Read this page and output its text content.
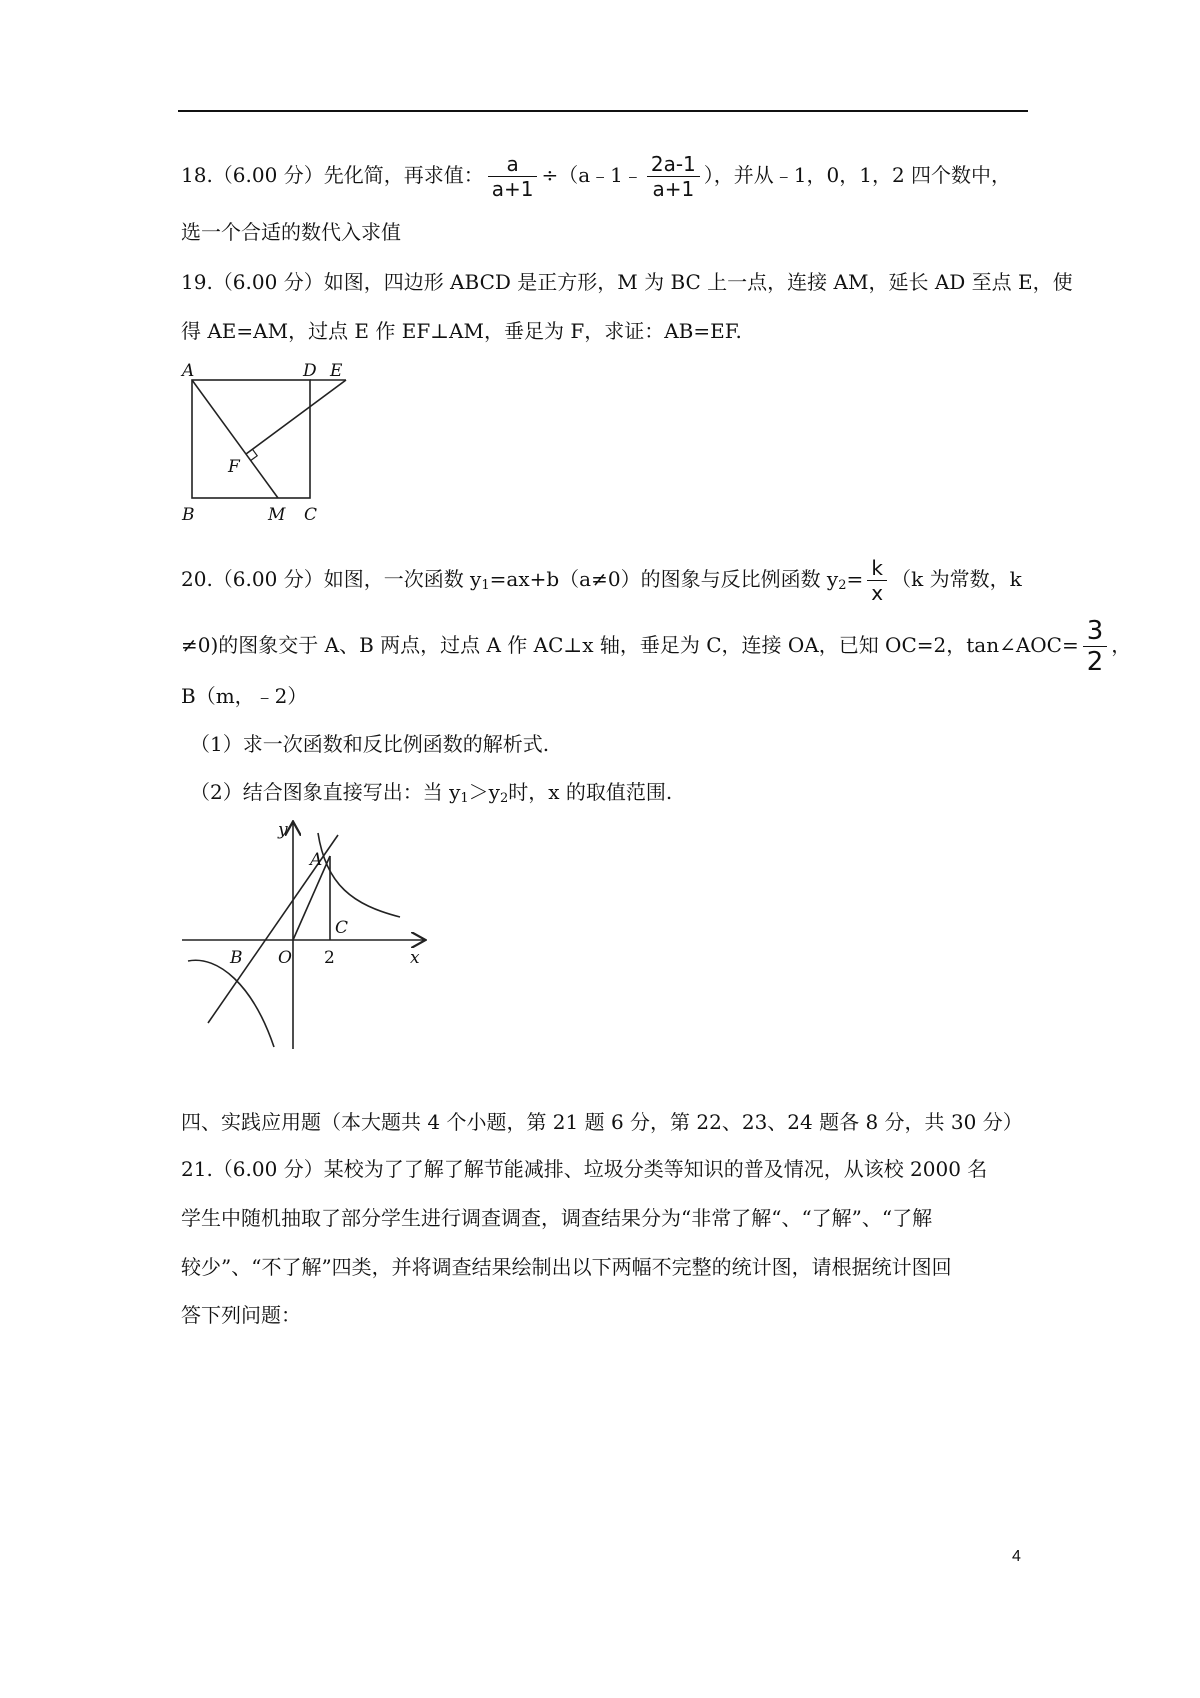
18.（6.00 分）先化简，再求值： $\frac{a}{a+1}$ ÷（a﹣1﹣ $\frac{2a-1}{a+1}$ ），并从﹣1，0，1，2 四个数中，
选一个合适的数代入求值
19.（6.00 分）如图，四边形 ABCD 是正方形，M 为 BC 上一点，连接 AM，延长 AD 至点 E，使
得 AE=AM，过点 E 作 EF⊥AM，垂足为 F，求证：AB=EF.
A	D E
F
B	M C
20.（6.00 分）如图，一次函数 $y_1=ax+b(a\ne 0)$的图象与反比例函数 $y_2= \frac{k}{x} (k$ 为常数，k
≠0)的图象交于 A、B 两点，过点 A 作 AC⊥x 轴，垂足为 C，连接 OA，已知 OC=2，tan∠AOC= $\frac{3}{2}$ ，
B（m，﹣2）
（1）求一次函数和反比例函数的解析式.
（2）结合图象直接写出：当 $y_1>y_2$时，x 的取值范围.
y
x
O
A
C
2
B
四、实践应用题（本大题共 4 个小题，第 21 题 6 分，第 22、23、24 题各 8 分，共 30 分）
21.（6.00 分）某校为了了解了解节能减排、垃圾分类等知识的普及情况，从该校 2000 名
学生中随机抽取了部分学生进行调查调查，调查结果分为“非常了解“、“了解”、“了解
较少”、“不了解”四类，并将调查结果绘制出以下两幅不完整的统计图，请根据统计图回
答下列问题：
4
